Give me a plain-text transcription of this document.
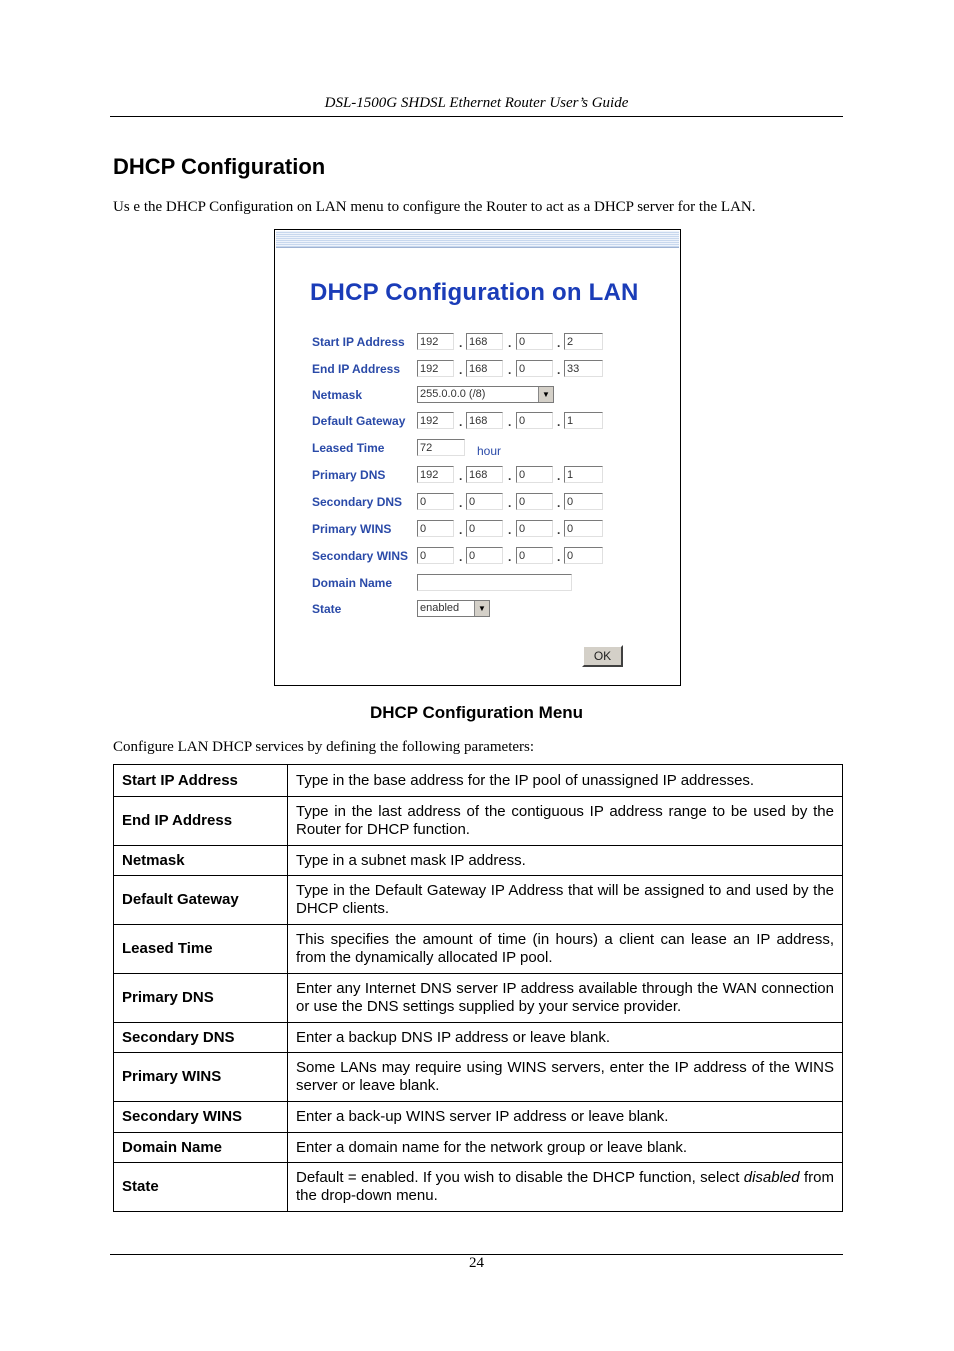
DSL-1500G SHDSL Ethernet Router User’s Guide
DHCP Configuration
Us e the DHCP Configuration on LAN menu to configure the Router to act as a DHCP server for the LAN.
DHCP Configuration on LAN
Start IP Address 192	. 168	. 0	. 2
End IP Address 192	. 168	. 0	. 33
Netmask	255.0.0.0 (/8)	▼
Default Gateway 192	. 168	. 0	. 1
Leased Time	72	hour
Primary DNS	192	. 168	. 0	. 1
Secondary DNS 0	. 0	. 0	. 0
Primary WINS	0	. 0	. 0	. 0
Secondary WINS 0	. 0	. 0	. 0
Domain Name
State	enabled	▼
OK
DHCP Configuration Menu
Configure LAN DHCP services by defining the following parameters:
Start IP Address	Type in the base address for the IP pool of unassigned IP addresses.
End IP Address	Type in the last address of the contiguous IP address range to be used by the Router for DHCP function.
Netmask	Type in a subnet mask IP address.
Default Gateway	Type in the Default Gateway IP Address that will be assigned to and used by the DHCP clients.
Leased Time	This specifies the amount of time (in hours) a client can lease an IP address, from the dynamically allocated IP pool.
Primary DNS	Enter any Internet DNS server IP address available through the WAN connection or use the DNS settings supplied by your service provider.
Secondary DNS	Enter a backup DNS IP address or leave blank.
Primary WINS	Some LANs may require using WINS servers, enter the IP address of the WINS server or leave blank.
Secondary WINS	Enter a back-up WINS server IP address or leave blank.
Domain Name	Enter a domain name for the network group or leave blank.
State	Default = enabled. If you wish to disable the DHCP function, select disabled from the drop-down menu.
24
